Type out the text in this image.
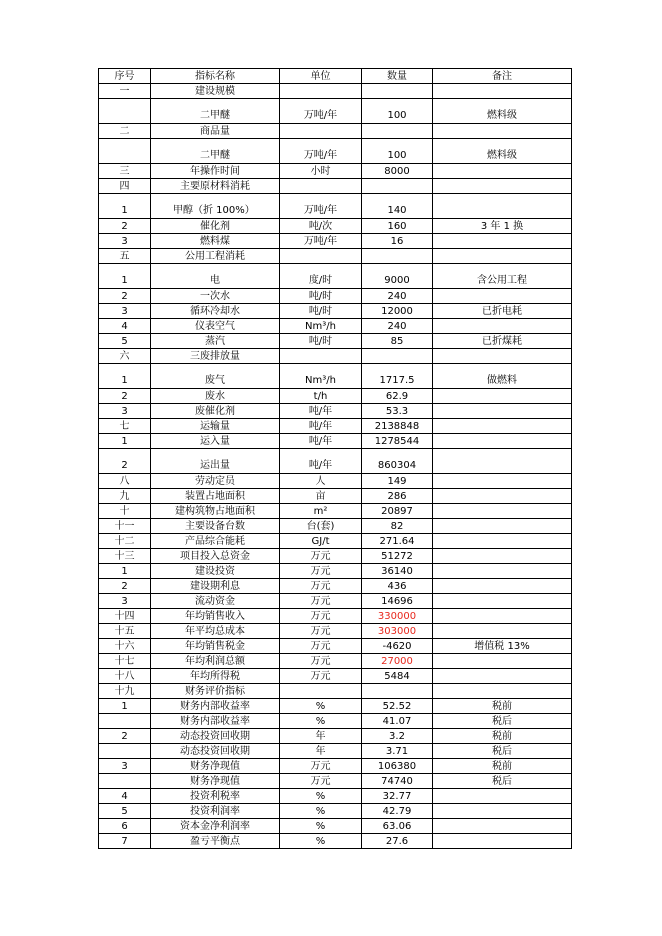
序号	指标名称	单位	数量	备注
一	建设规模			
	二甲醚	万吨/年	100	燃料级
二	商品量			
	二甲醚	万吨/年	100	燃料级
三	年操作时间	小时	8000	
四	主要原材料消耗			
1	甲醇（折 100%）	万吨/年	140	
2	催化剂	吨/次	160	3 年 1 换
3	燃料煤	万吨/年	16	
五	公用工程消耗			
1	电	度/时	9000	含公用工程
2	一次水	吨/时	240	
3	循环冷却水	吨/时	12000	已折电耗
4	仪表空气	Nm³/h	240	
5	蒸汽	吨/时	85	已折煤耗
六	三废排放量			
1	废气	Nm³/h	1717.5	做燃料
2	废水	t/h	62.9	
3	废催化剂	吨/年	53.3	
七	运输量	吨/年	2138848	
1	运入量	吨/年	1278544	
2	运出量	吨/年	860304	
八	劳动定员	人	149	
九	装置占地面积	亩	286	
十	建构筑物占地面积	m²	20897	
十一	主要设备台数	台(套)	82	
十二	产品综合能耗	GJ/t	271.64	
十三	项目投入总资金	万元	51272	
1	建设投资	万元	36140	
2	建设期利息	万元	436	
3	流动资金	万元	14696	
十四	年均销售收入	万元	330000	
十五	年平均总成本	万元	303000	
十六	年均销售税金	万元	-4620	增值税 13%
十七	年均利润总额	万元	27000	
十八	年均所得税	万元	5484	
十九	财务评价指标			
1	财务内部收益率	%	52.52	税前
	财务内部收益率	%	41.07	税后
2	动态投资回收期	年	3.2	税前
	动态投资回收期	年	3.71	税后
3	财务净现值	万元	106380	税前
	财务净现值	万元	74740	税后
4	投资利税率	%	32.77	
5	投资利润率	%	42.79	
6	资本金净利润率	%	63.06	
7	盈亏平衡点	%	27.6	
